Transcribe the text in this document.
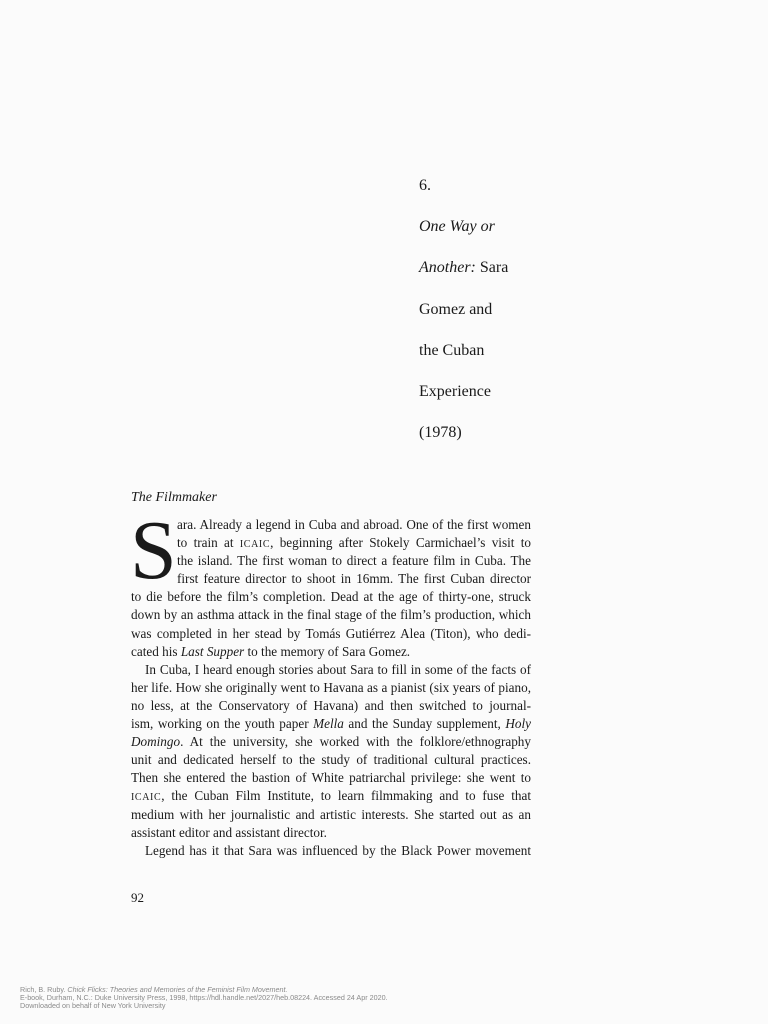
6.
One Way or
Another: Sara
Gomez and
the Cuban
Experience
(1978)
The Filmmaker
S ara. Already a legend in Cuba and abroad. One of the first women
to train at ICAIC, beginning after Stokely Carmichael’s visit to
the island. The first woman to direct a feature film in Cuba. The
first feature director to shoot in 16mm. The first Cuban director
to die before the film’s completion. Dead at the age of thirty-one, struck
down by an asthma attack in the final stage of the film’s production, which
was completed in her stead by Tomás Gutiérrez Alea (Titon), who dedi-
cated his Last Supper to the memory of Sara Gomez.
In Cuba, I heard enough stories about Sara to fill in some of the facts of
her life. How she originally went to Havana as a pianist (six years of piano,
no less, at the Conservatory of Havana) and then switched to journal-
ism, working on the youth paper Mella and the Sunday supplement, Holy
Domingo. At the university, she worked with the folklore/ethnography
unit and dedicated herself to the study of traditional cultural practices.
Then she entered the bastion of White patriarchal privilege: she went to
ICAIC, the Cuban Film Institute, to learn filmmaking and to fuse that
medium with her journalistic and artistic interests. She started out as an
assistant editor and assistant director.
Legend has it that Sara was influenced by the Black Power movement
92
Rich, B. Ruby. Chick Flicks: Theories and Memories of the Feminist Film Movement.
E-book, Durham, N.C.: Duke University Press, 1998, https://hdl.handle.net/2027/heb.08224. Accessed 24 Apr 2020.
Downloaded on behalf of New York University
